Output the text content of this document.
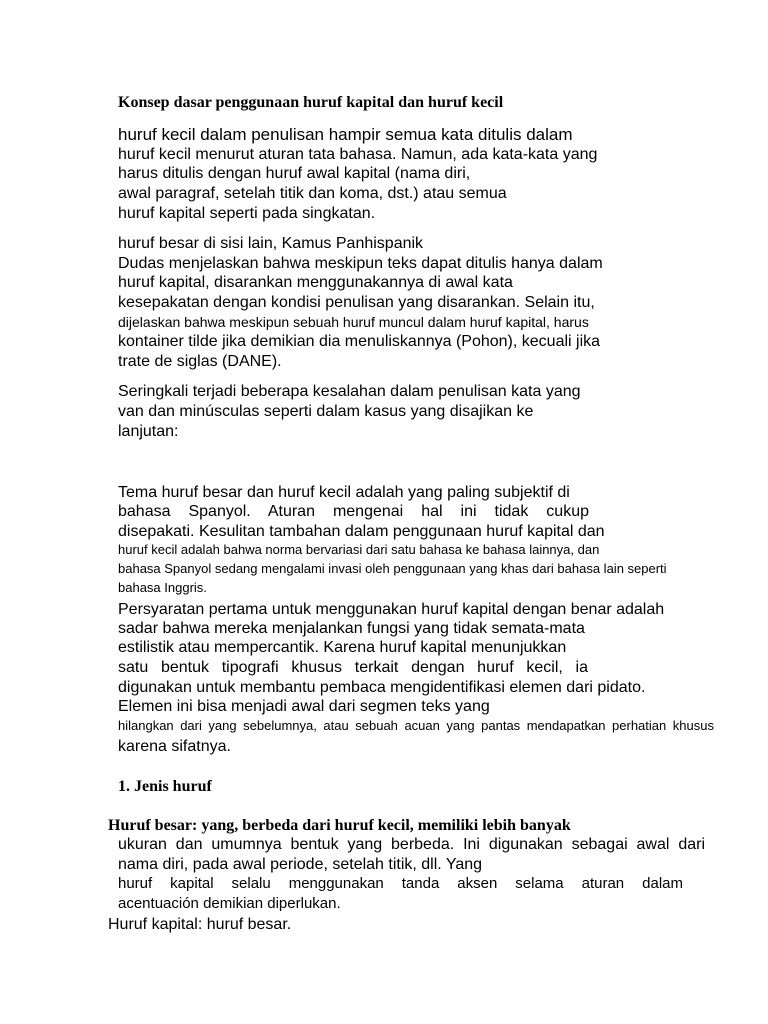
Konsep dasar penggunaan huruf kapital dan huruf kecil
huruf kecil dalam penulisan hampir semua kata ditulis dalam
huruf kecil menurut aturan tata bahasa. Namun, ada kata-kata yang
harus ditulis dengan huruf awal kapital (nama diri,
awal paragraf, setelah titik dan koma, dst.) atau semua
huruf kapital seperti pada singkatan.
huruf besar di sisi lain, Kamus Panhispanik
Dudas menjelaskan bahwa meskipun teks dapat ditulis hanya dalam
huruf kapital, disarankan menggunakannya di awal kata
kesepakatan dengan kondisi penulisan yang disarankan. Selain itu,
dijelaskan bahwa meskipun sebuah huruf muncul dalam huruf kapital, harus
kontainer tilde jika demikian dia menuliskannya (Pohon), kecuali jika
trate de siglas (DANE).
Seringkali terjadi beberapa kesalahan dalam penulisan kata yang
van dan minúsculas seperti dalam kasus yang disajikan ke
lanjutan:
Tema huruf besar dan huruf kecil adalah yang paling subjektif di
bahasa Spanyol. Aturan mengenai hal ini tidak cukup
disepakati. Kesulitan tambahan dalam penggunaan huruf kapital dan
huruf kecil adalah bahwa norma bervariasi dari satu bahasa ke bahasa lainnya, dan
bahasa Spanyol sedang mengalami invasi oleh penggunaan yang khas dari bahasa lain seperti
bahasa Inggris.
Persyaratan pertama untuk menggunakan huruf kapital dengan benar adalah
sadar bahwa mereka menjalankan fungsi yang tidak semata-mata
estilistik atau mempercantik. Karena huruf kapital menunjukkan
satu bentuk tipografi khusus terkait dengan huruf kecil, ia
digunakan untuk membantu pembaca mengidentifikasi elemen dari pidato.
Elemen ini bisa menjadi awal dari segmen teks yang
hilangkan dari yang sebelumnya, atau sebuah acuan yang pantas mendapatkan perhatian khusus
karena sifatnya.
1. Jenis huruf
Huruf besar: yang, berbeda dari huruf kecil, memiliki lebih banyak
ukuran dan umumnya bentuk yang berbeda. Ini digunakan sebagai awal dari
nama diri, pada awal periode, setelah titik, dll. Yang
huruf kapital selalu menggunakan tanda aksen selama aturan dalam
acentuación demikian diperlukan.
Huruf kapital: huruf besar.
